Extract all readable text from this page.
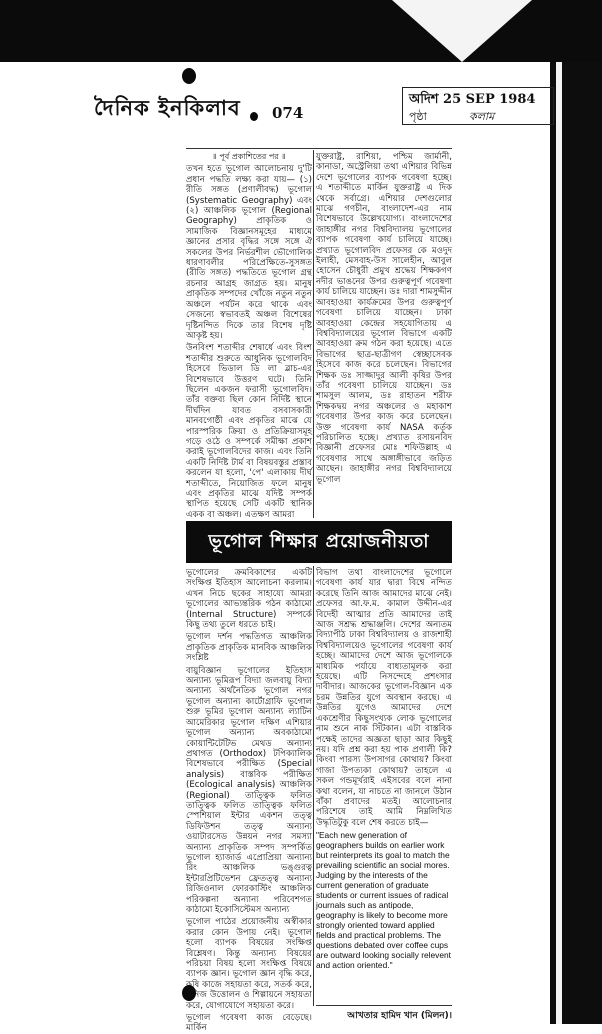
দৈনিক ইনকিলাব 074
অদিশ 25 SEP 1984
পৃষ্ঠা	কলাম

॥ পূর্ব প্রকাশিতের পর ॥

তখন হতে ভূগোল আলোচনায় দু'টি প্রধান পদ্ধতি লক্ষ্য করা যায়— (১) রীতি সঙ্গত (প্রণালীবদ্ধ) ভূগোল (Systematic Geography) এবং (২) আঞ্চলিক ভূগোল (Regional Geography) প্রাকৃতিক ও সামাজিক বিজ্ঞানসমূহের মাধ্যমে জ্ঞানের প্রসার বৃদ্ধির সঙ্গে সঙ্গে ঐ সকলের উপর নির্ভরশীল ভৌগোলিক ধারণাবলীর পরিপ্রেক্ষিতে-সুসঙ্গত (রীতি সঙ্গত) পদ্ধতিতে ভূগোল গ্রন্থ রচনার আগ্রহ জাগ্রত হয়। মানুষ প্রাকৃতিক সম্পদের খোঁজে নতুন নতুন অঞ্চলে পর্যটন করে থাকে এবং সেজন্যে স্বভাবতই অঞ্চল বিশেষের দৃষ্টিনন্দিত দিকে তার বিশেষ দৃষ্টি আকৃষ্ট হয়।

উনবিংশ শতাব্দীর শেষার্ধে এবং বিংশ শতাব্দীর শুরুতে আধুনিক ভূগোলবিদ হিসেবে ভিডাল ডি লা ব্লাচ-এর বিশেষভাবে উত্তরণ ঘটে। তিনি ছিলেন একজন ফরাসী ভূগোলবিদ। তাঁর বক্তব্য ছিল কোন নির্দিষ্ট স্থানে দীর্ঘদিন যাবত বসবাসকারী মানবগোষ্ঠী এবং প্রকৃতির মাঝে যে পারস্পরিক ক্রিয়া ও প্রতিক্রিয়াসমূহ গড়ে ওঠে ও সম্পর্কে সমীক্ষা প্রকাশ করাই ভূগোলবিদের কাজ। এবং তিনি একটি নির্দিষ্ট টার্ম বা বিষয়বস্তুর প্রস্তাব করলেন যা হলো, 'পে' এলাকায় দীর্ঘ শতাব্দীতে, নিয়োজিত ফলে মানুষ এবং প্রকৃতির মাঝে যদিষ্ট সম্পর্ক স্থাপিত হয়েছে সেটি একটি স্থানিক একক বা অঞ্চল। এতক্ষণ আমরা

যুক্তরাষ্ট্র, রাশিয়া, পশ্চিম জার্মানী, কানাডা, অস্ট্রেলিয়া তথা এশিয়ার বিভিন্ন দেশে ভূগোলের ব্যাপক গবেষণা হচ্ছে। এ শতাব্দীতে মার্কিন যুক্তরাষ্ট্র এ দিক থেকে সর্বাগ্রে। এশিয়ার দেশগুলোর মাঝে গণচীন, বাংলাদেশ-এর নাম বিশেষভাবে উল্লেখযোগ্য। বাংলাদেশের জাহাঙ্গীর নগর বিশ্ববিদ্যালয় ভূগোলের ব্যাপক গবেষণা কার্য চালিয়ে যাচ্ছে। প্রখ্যাত ভূগোলবিদ প্রফেসর কে মওদুদ ইলাহী, মেসবাহ-উস সালেহীন, আবুল হোসেন চৌধুরী প্রমুখ শ্রদ্ধেয় শিক্ষকগণ নদীর ভাঙনের উপর গুরুত্বপূর্ণ গবেষণা কার্য চালিয়ে যাচ্ছেন। ডঃ দারা শামসুদ্দীন আবহাওয়া কার্যক্রমের উপর গুরুত্বপূর্ণ গবেষণা চালিয়ে যাচ্ছেন। ঢাকা আবহাওয়া কেন্দ্রের সহযোগিতায় এ বিশ্ববিদ্যালয়ের ভূগোল বিভাগে একটি আবহাওয়া ক্রম গঠন করা হয়েছে। এতে বিভাগের ছাত্র-ছাত্রীগণ স্বেচ্ছাসেবক হিসেবে কাজ করে চলেছেন। বিভাগের শিক্ষক ডঃ সাজ্জাদুর আলী কৃষির উপর তাঁর গবেষণা চালিয়ে যাচ্ছেন। ডঃ শামসুল আলম, ডঃ রাহাতন শরীফ শিক্ষকদ্বয় নগর অঞ্চলের ও মহাকাশ গবেষণার উপর কাজ করে চলেছেন। উক্ত গবেষণা কার্য NASA কর্তৃক পরিচালিত হচ্ছে। প্রখ্যাত রসায়নবিদ বিজ্ঞানী প্রফেসর মোঃ শফিউল্লাহ এ গবেষণার সাথে অঙ্গাঙ্গীভাবে জড়িত আছেন। জাহাঙ্গীর নগর বিশ্ববিদ্যালয়ে ভূগোল

ভূগোল শিক্ষার প্রয়োজনীয়তা

ভূগোলের ক্রমবিকাশের একটি সংক্ষিপ্ত ইতিহাস আলোচনা করলাম। এখন নিচে ছকের সাহায্যে আমরা ভূগোলের আভ্যন্তরিক গঠন কাঠামো (Internal Structure) সম্পর্কে কিছু তথ্য তুলে ধরতে চাই।

ভূগোল দর্শন পদ্ধতিগত আঞ্চলিক প্রাকৃতিক প্রাকৃতিক মানবিক আঞ্চলিক সংশ্লিষ্ট

বায়ুবিজ্ঞান ভূগোলের ইতিহাস অন্যান্য ভূমিরূপ বিদ্যা জলবায়ু বিদ্যা অন্যান্য অর্থনৈতিক ভূগোল নগর ভূগোল অন্যান্য কার্টোগ্রাফি ভূগোল শুরু ভূমির ভূগোল অন্যান্য ল্যাটিন আমেরিকার ভূগোল দক্ষিণ এশিয়ার ভূগোল অন্যান্য অবকাঠামো কোয়ান্টিটেটিভ মেথড অন্যান্য প্রথাগত (Orthodox) টপিক্যালিক বিশেষভাবে পরীক্ষিত (Special analysis) বাস্তবিক পরীক্ষিত (Ecological analysis) আঞ্চলিক (Regional) তাত্ত্বিক ফলিত তাত্ত্বিক ফলিত তাত্ত্বিক ফলিত স্পেশিয়াল ইন্টার একশন তত্ত্ব ডিফিউশন তত্ত্ব অন্যান্য ওয়াটারসেড উন্নয়ন নগর সমস্যা অন্যান্য প্রাকৃতিক সম্পদ সম্পর্কিত ভূগোল হ্যাজার্ড এপ্রোপ্রিয়া অন্যান্য রিং আঞ্চলিক ভঙ্গুরত্ব ইন্টারপ্রিটিভেশন ফ্রেতত্ত্ব অন্যান্য রিজিওনাল ফোরকাস্টিং আঞ্চলিক পরিকল্পনা অন্যান্য পরিবেশগত কাঠামো ইকোসিস্টেমস অন্যান্য

ভূগোল পাঠের প্রয়োজনীয় অস্বীকার করার কোন উপায় নেই। ভূগোল হলো ব্যাপক বিষয়ের সংক্ষিপ্ত বিশ্লেষণ। কিন্তু অন্যান্য বিষয়ের পরিচয়া বিষয় হলো সংক্ষিপ্ত বিষয়ে ব্যাপক জ্ঞান। ভূগোল জ্ঞান বৃদ্ধি করে, কৃষি কাজে সহায়তা করে, সতর্ক করে, খনিজ উত্তোলন ও শিল্পায়নে সহায়তা করে, যোগাযোগে সহায়তা করে।

ভূগোল গবেষণা কাজ বেড়েছে। মার্কিন

বিভাগ তথা বাংলাদেশের ভূগোলে গবেষণা কার্য যার দ্বারা বিশ্বে নন্দিত করেছে তিনি আজ আমাদের মাঝে নেই। প্রফেসর আ.ফ.ম. কামাল উদ্দীন-এর বিদেহী আত্মার প্রতি আমাদের তাই আজ সশ্রদ্ধ শ্রদ্ধাঞ্জলি। দেশের অন্যতম বিদ্যাপীঠ ঢাকা বিশ্ববিদ্যালয় ও রাজশাহী বিশ্ববিদ্যালয়েও ভূগোলের গবেষণা কার্য হচ্ছে। আমাদের দেশে আজ ভূগোলকে মাধ্যমিক পর্যায়ে বাধ্যতামূলক করা হয়েছে। এটি নিসন্দেহে প্রশংসার দাবীদার। আজকের ভূগোল-বিজ্ঞান এক চরম উন্নতির যুগে অবস্থান করছে। এ উন্নতির যুগেও আমাদের দেশে একশ্রেণীর কিছুসংখ্যক লোক ভূগোলের নাম শুনে নাক সিঁটকান। এটা বাস্তবিক পক্ষেই তাদের অজ্ঞতা ছাড়া আর কিছুই নয়। যদি প্রশ্ন করা হয় পাক প্রণালী কি? কিংবা পারস্য উপসাগর কোথায়? কিংবা গাজা উপত্যকা কোথায়? তাহলে এ সকল গন্ডমূর্খরাই এইসবের বলে নানা কথা বলেন, যা নাচতে না জানলে উঠান বাঁকা প্রবাদের মতই। আলোচনার পরিশেষে তাই আমি নিম্নলিখিত উদ্ধৃতিটুকু বলে শেষ করতে চাই—

"Each new generation of geographers builds on earlier work but reinterprets its goal to match the prevailing scientific an social mores. Judging by the interests of the current generation of graduate students or current issues of radical journals such as antipode, geography is likely to become more strongly oriented toward applied fields and practical problems. The questions debated over coffee cups are outward looking socially relevent and action oriented."

আখতার হামিদ খান (মিলন)।
